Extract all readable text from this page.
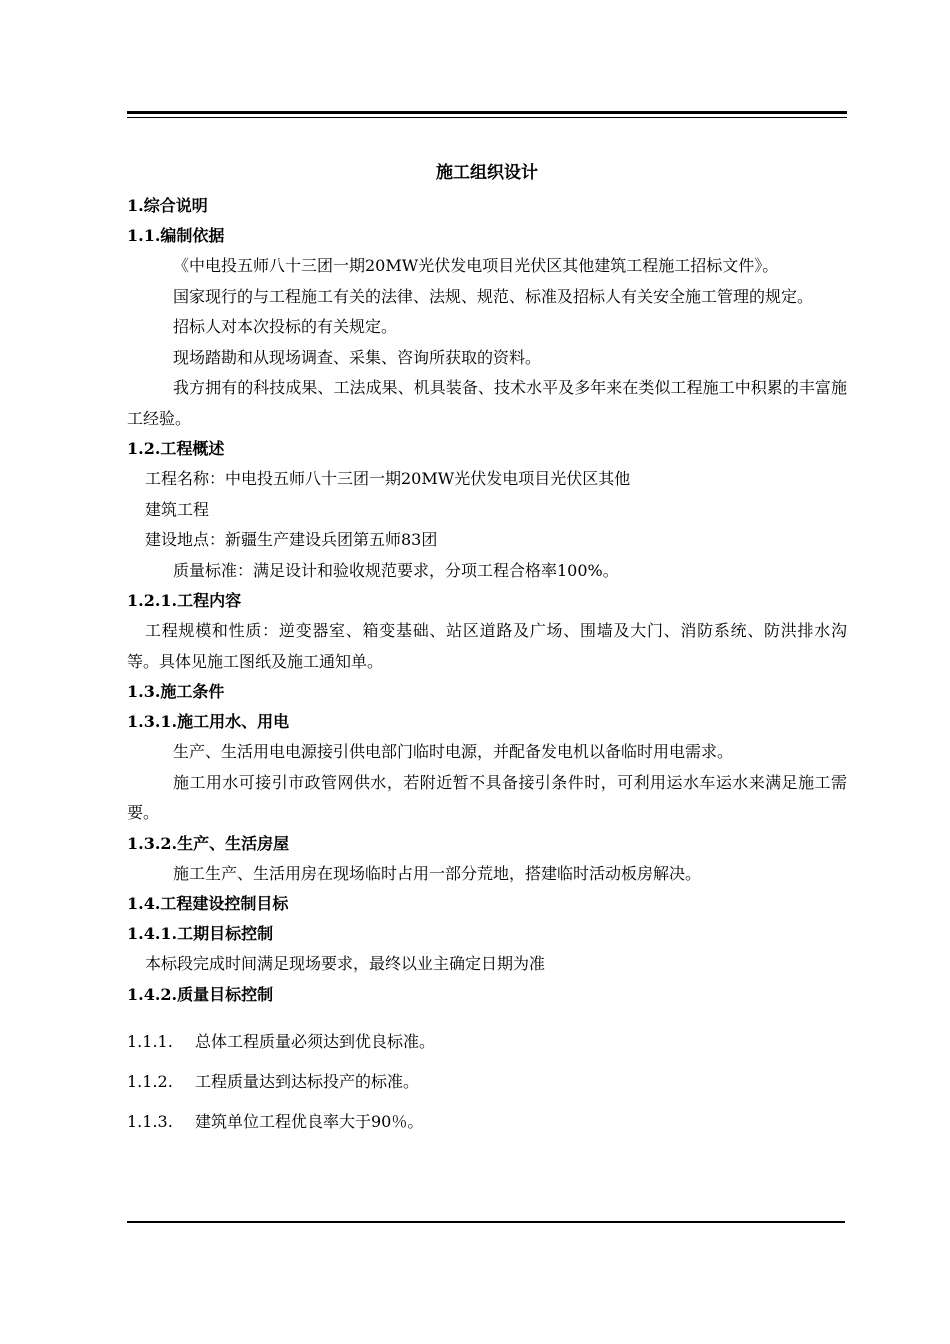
施工组织设计
1.综合说明
1.1.编制依据

《中电投五师八十三团一期20MW光伏发电项目光伏区其他建筑工程施工招标文件》。

国家现行的与工程施工有关的法律、法规、规范、标准及招标人有关安全施工管理的规定。

招标人对本次投标的有关规定。

现场踏勘和从现场调查、采集、咨询所获取的资料。

我方拥有的科技成果、工法成果、机具装备、技术水平及多年来在类似工程施工中积累的丰富施工经验。

1.2.工程概述

工程名称：中电投五师八十三团一期20MW光伏发电项目光伏区其他

建筑工程

建设地点：新疆生产建设兵团第五师83团

质量标准：满足设计和验收规范要求，分项工程合格率100%。

1.2.1.工程内容

工程规模和性质：逆变器室、箱变基础、站区道路及广场、围墙及大门、消防系统、防洪排水沟等。具体见施工图纸及施工通知单。

1.3.施工条件
1.3.1.施工用水、用电

生产、生活用电电源接引供电部门临时电源，并配备发电机以备临时用电需求。

施工用水可接引市政管网供水，若附近暂不具备接引条件时，可利用运水车运水来满足施工需要。

1.3.2.生产、生活房屋

施工生产、生活用房在现场临时占用一部分荒地，搭建临时活动板房解决。

1.4.工程建设控制目标
1.4.1.工期目标控制

本标段完成时间满足现场要求，最终以业主确定日期为准

1.4.2.质量目标控制
1.1.1. 总体工程质量必须达到优良标准。
1.1.2. 工程质量达到达标投产的标准。
1.1.3. 建筑单位工程优良率大于90％。
